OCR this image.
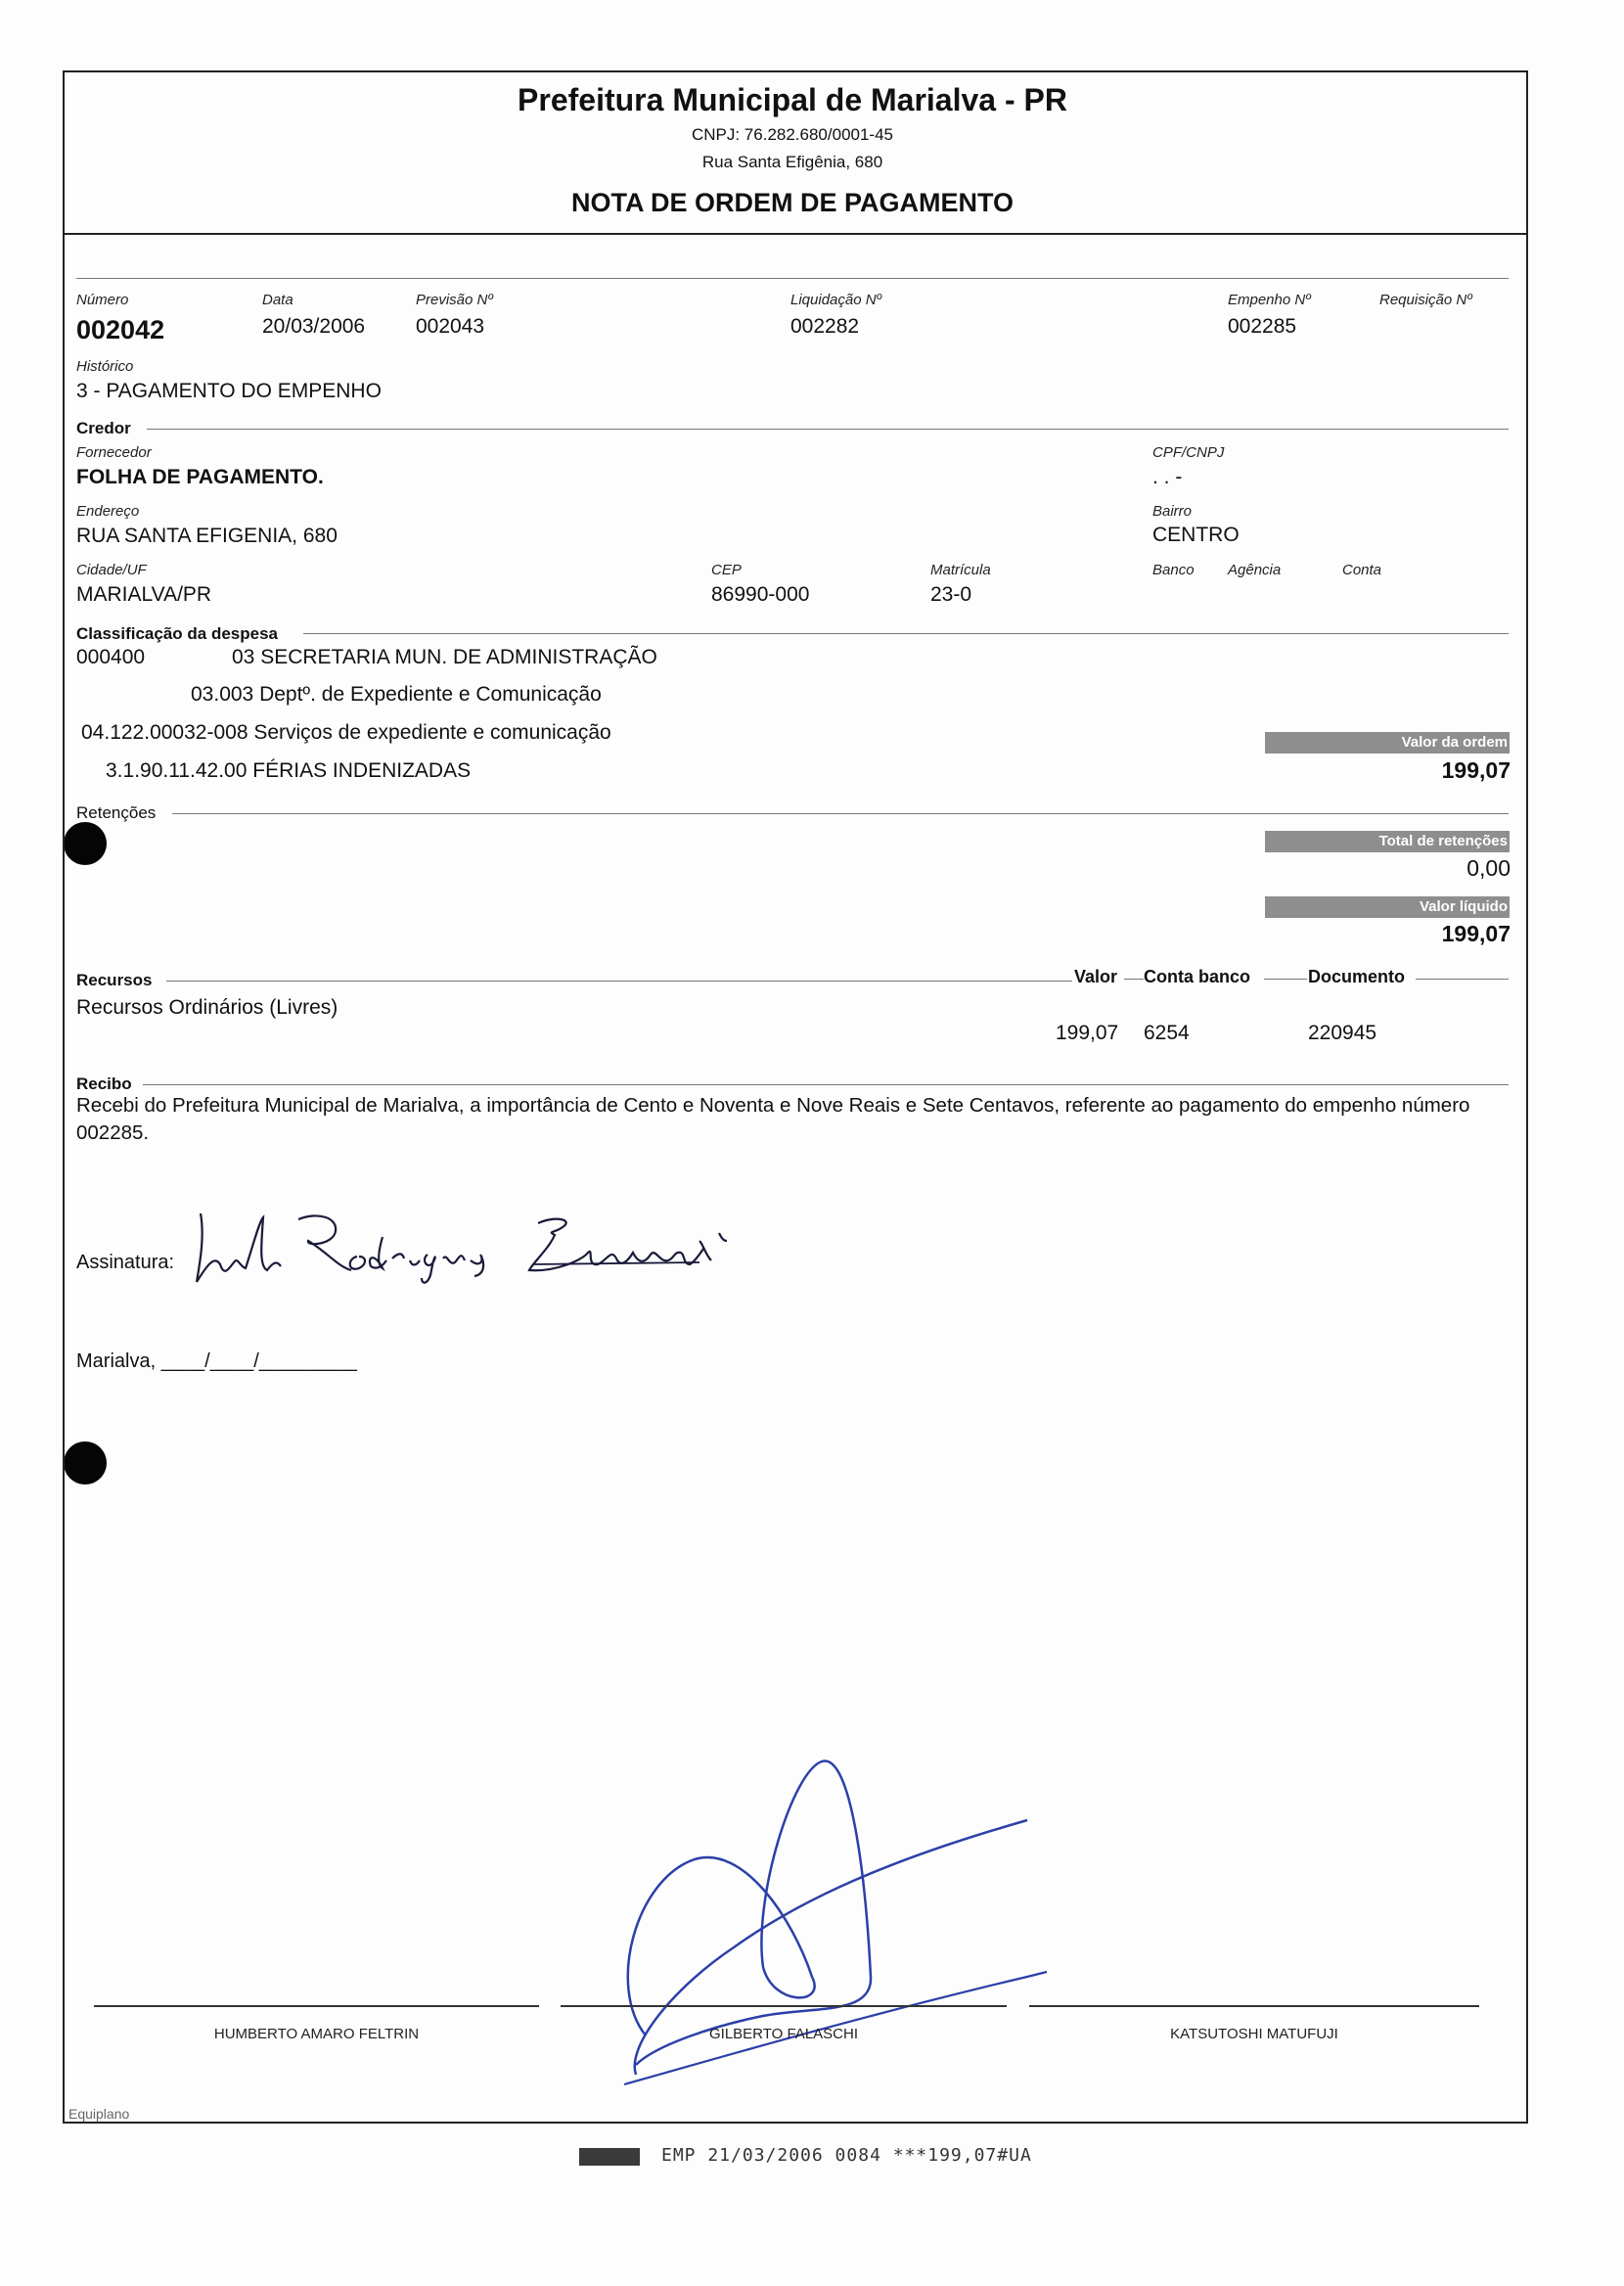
Prefeitura Municipal de Marialva - PR
CNPJ: 76.282.680/0001-45
Rua Santa Efigênia, 680
NOTA DE ORDEM DE PAGAMENTO
Número
002042
Data
20/03/2006
Previsão Nº
002043
Liquidação Nº
002282
Empenho Nº
002285
Requisição Nº
Histórico
3 - PAGAMENTO DO EMPENHO
Credor
Fornecedor
FOLHA DE PAGAMENTO.
CPF/CNPJ
. . -
Endereço
RUA SANTA EFIGENIA, 680
Bairro
CENTRO
Cidade/UF
MARIALVA/PR
CEP
86990-000
Matrícula
23-0
Banco Agência	Conta
Classificação da despesa
000400	03 SECRETARIA MUN. DE ADMINISTRAÇÃO
03.003 Deptº. de Expediente e Comunicação
04.122.00032-008 Serviços de expediente e comunicação
3.1.90.11.42.00 FÉRIAS INDENIZADAS
Valor da ordem
199,07
Retenções
Total de retenções
0,00
Valor líquido
199,07
Recursos	Valor Conta banco	Documento
Recursos Ordinários (Livres)
199,07 6254	220945
Recibo
Recebi do Prefeitura Municipal de Marialva, a importância de Cento e Noventa e Nove Reais e Sete Centavos, referente ao pagamento do empenho número 002285.
Assinatura:
Marialva, ____/____/_________
HUMBERTO AMARO FELTRIN	GILBERTO FALASCHI	KATSUTOSHI MATUFUJI
Equiplano
EMP 21/03/2006 0084 ***199,07#UA
